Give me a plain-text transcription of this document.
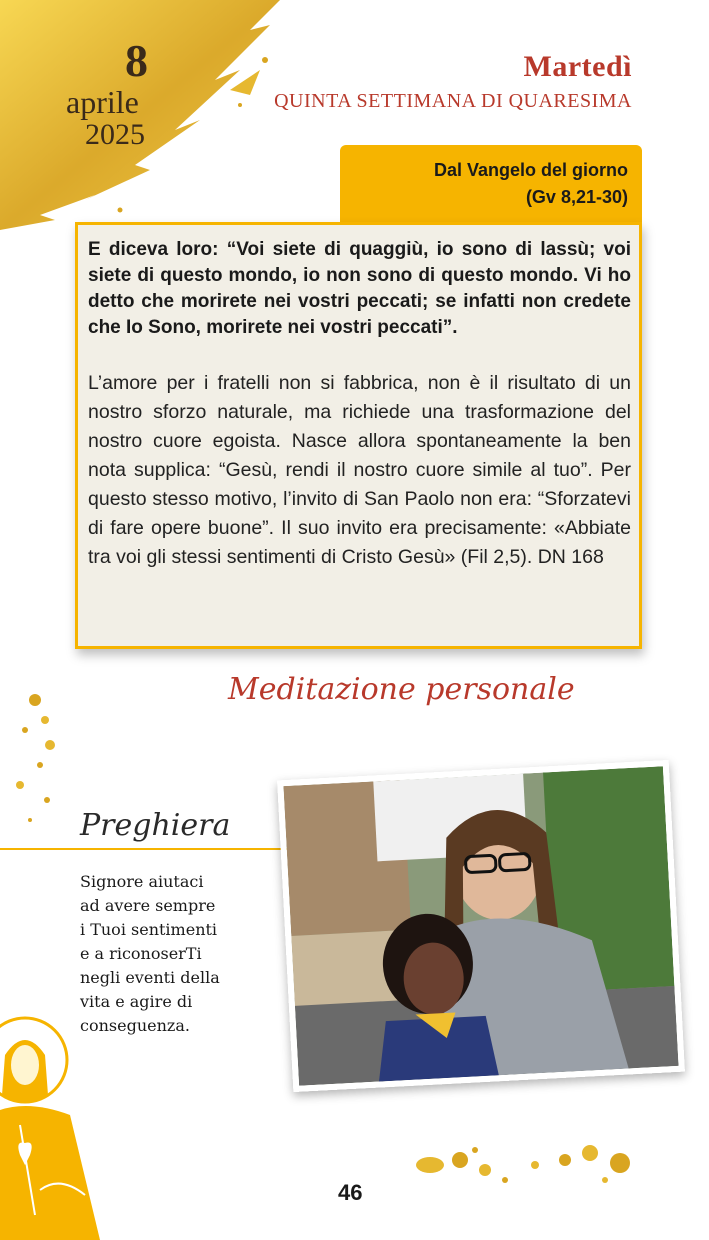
8
aprile
2025
Martedì
QUINTA SETTIMANA DI QUARESIMA
Dal Vangelo del giorno
(Gv 8,21-30)

E diceva loro: “Voi siete di quaggiù, io sono di lassù; voi siete di questo mondo, io non sono di questo mondo. Vi ho detto che morirete nei vostri peccati; se infatti non credete che Io Sono, morirete nei vostri peccati”.

L’amore per i fratelli non si fabbrica, non è il risultato di un nostro sforzo naturale, ma richiede una trasformazione del nostro cuore egoista. Nasce allora spontaneamente la ben nota supplica: “Gesù, rendi il nostro cuore simile al tuo”. Per questo stesso motivo, l’invito di San Paolo non era: “Sforzatevi di fare opere buone”. Il suo invito era precisamente: «Abbiate tra voi gli stessi sentimenti di Cristo Gesù» (Fil 2,5). DN 168

Meditazione personale
Preghiera

Signore aiutaci
ad avere sempre
i Tuoi sentimenti
e a riconoserTi
negli eventi della
vita e agire di
conseguenza.

46
